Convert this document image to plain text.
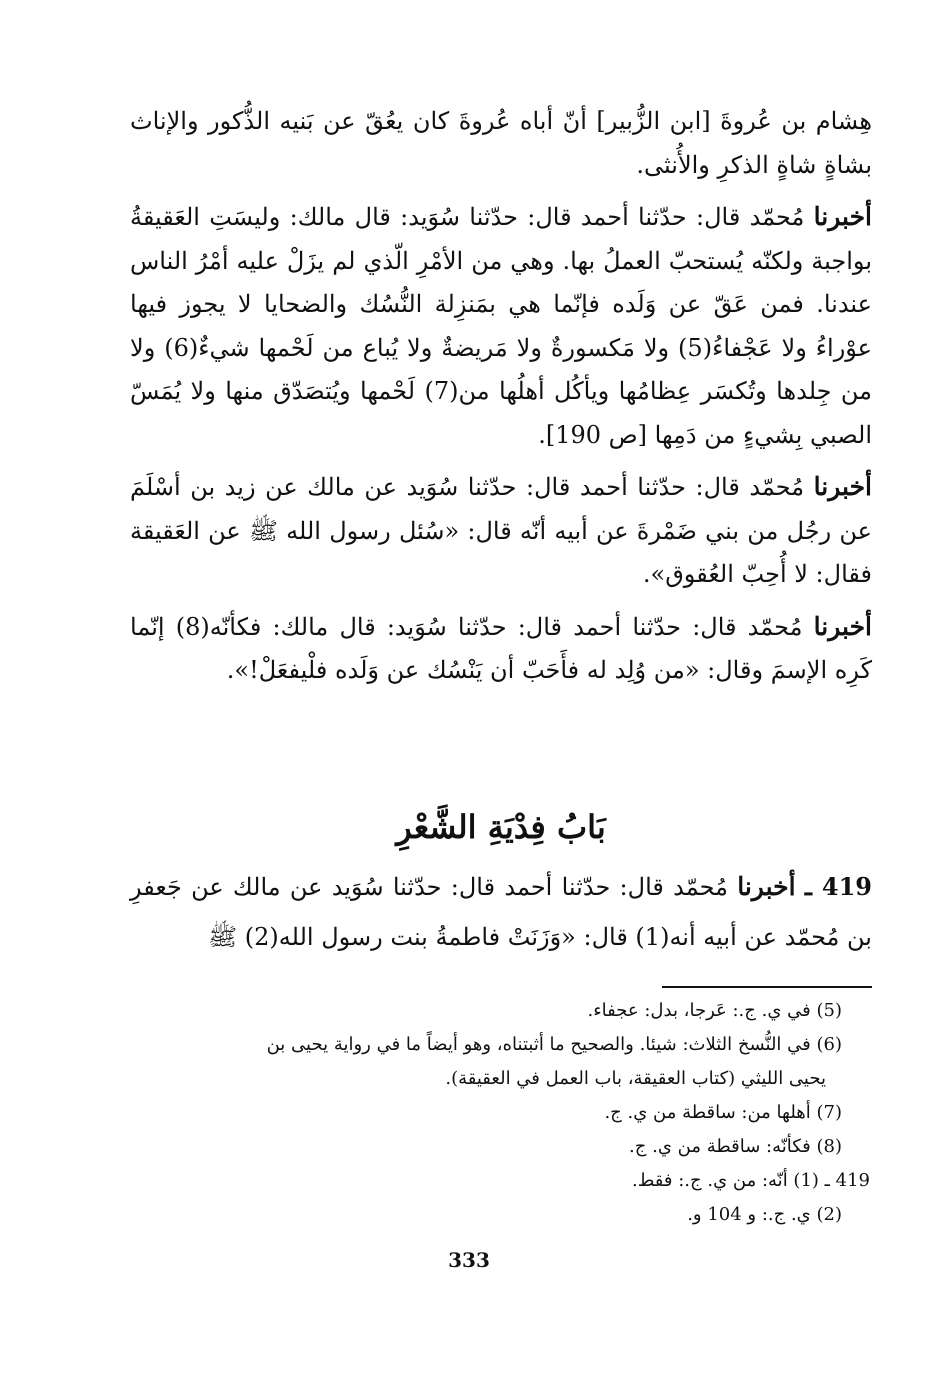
هِشام بن عُروةَ [ابن الزُّبير] أنّ أباه عُروةَ كان يعُقّ عن بَنيه الذُّكور والإناث بشاةٍ شاةٍ الذكرِ والأُنثى.

أخبرنا مُحمّد قال: حدّثنا أحمد قال: حدّثنا سُوَيد: قال مالك: وليسَتِ العَقيقةُ بواجبة ولكنّه يُستحبّ العملُ بها. وهي من الأمْرِ الّذي لم يزَلْ عليه أمْرُ الناس عندنا. فمن عَقّ عن وَلَده فإنّما هي بمَنزِلة النُّسُك والضحايا لا يجوز فيها عوْراءُ ولا عَجْفاءُ(5) ولا مَكسورةٌ ولا مَريضةٌ ولا يُباع من لَحْمها شيءٌ(6) ولا من جِلدها وتُكسَر عِظامُها ويأكُل أهلُها من(7) لَحْمها ويُتصَدّق منها ولا يُمَسّ الصبي بِشيءٍ من دَمِها [ص 190].

أخبرنا مُحمّد قال: حدّثنا أحمد قال: حدّثنا سُوَيد عن مالك عن زيد بن أسْلَمَ عن رجُل من بني ضَمْرةَ عن أبيه أنّه قال: «سُئل رسول الله ﷺ عن العَقيقة فقال: لا أُحِبّ العُقوق».

أخبرنا مُحمّد قال: حدّثنا أحمد قال: حدّثنا سُوَيد: قال مالك: فكأنّه(8) إنّما كَرِه الإسمَ وقال: «من وُلِد له فأَحَبّ أن يَنْسُك عن وَلَده فلْيفعَلْ!».

بَابُ فِدْيَةِ الشَّعْرِ
419 ـ أخبرنا مُحمّد قال: حدّثنا أحمد قال: حدّثنا سُوَيد عن مالك عن جَعفرِ بن مُحمّد عن أبيه أنه(1) قال: «وَزَنَتْ فاطمةُ بنت رسول الله(2) ﷺ

(5) في ي. ج.: عَرجا، بدل: عجفاء.

(6) في النُّسخ الثلاث: شيئا. والصحيح ما أثبتناه، وهو أيضاً ما في رواية يحيى بن

يحيى الليثي (كتاب العقيقة، باب العمل في العقيقة).

(7) أهلها من: ساقطة من ي. ج.

(8) فكأنّه: ساقطة من ي. ج.

419 ـ (1) أنّه: من ي. ج.: فقط.

(2) ي. ج.: و 104 و.

333
